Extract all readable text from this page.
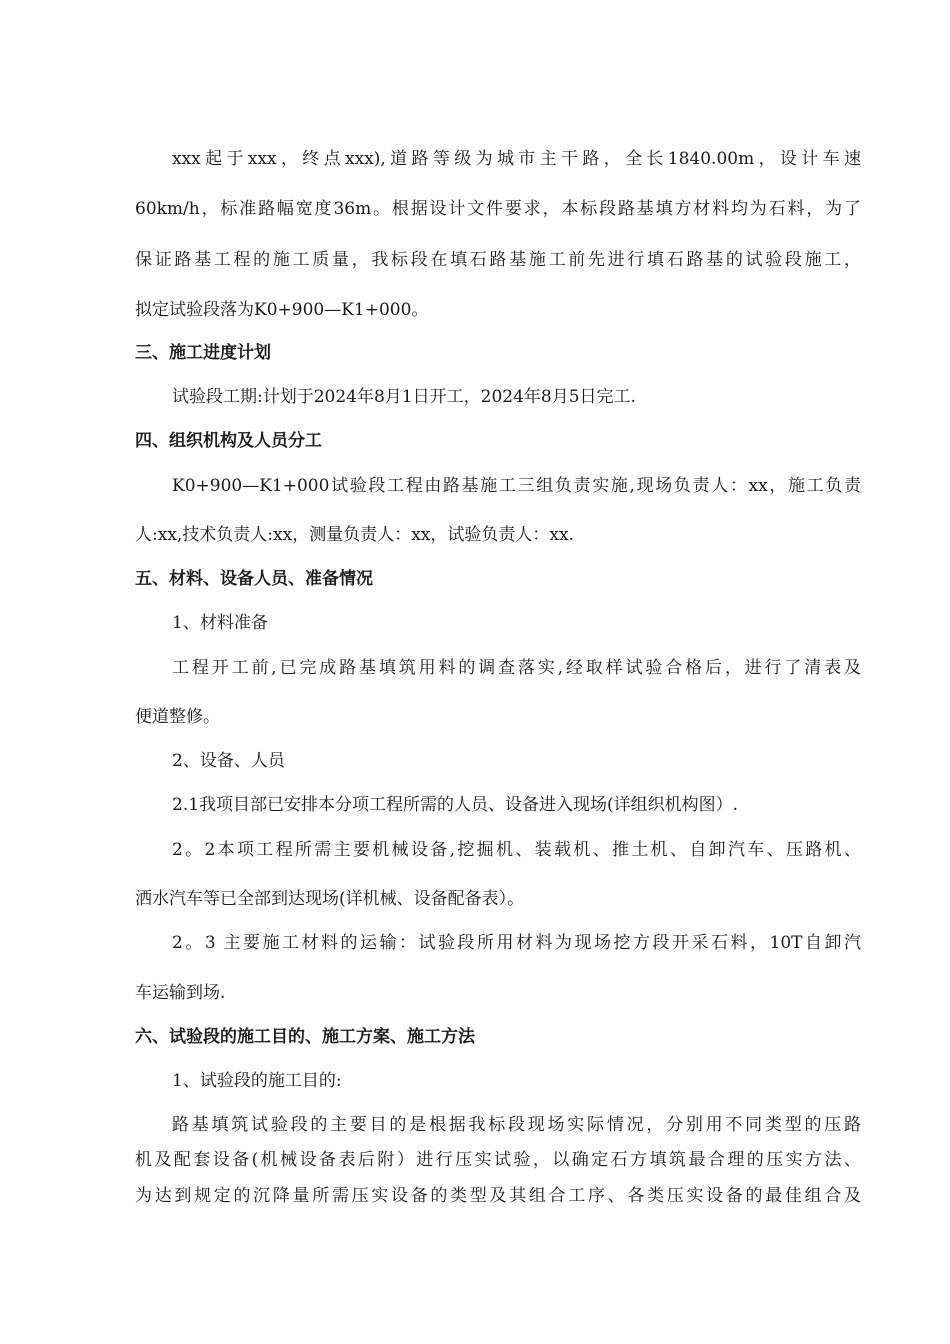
xxx起于xxx，终点xxx),道路等级为城市主干路，全长1840.00m，设计车速
60km/h，标准路幅宽度36m。根据设计文件要求，本标段路基填方材料均为石料，为了
保证路基工程的施工质量，我标段在填石路基施工前先进行填石路基的试验段施工，
拟定试验段落为K0+900—K1+000。
三、施工进度计划
试验段工期:计划于2024年8月1日开工，2024年8月5日完工.
四、组织机构及人员分工
K0+900—K1+000试验段工程由路基施工三组负责实施,现场负责人：xx，施工负责
人:xx,技术负责人:xx，测量负责人：xx，试验负责人：xx.
五、材料、设备人员、准备情况
1、材料准备
工程开工前,已完成路基填筑用料的调查落实,经取样试验合格后，进行了清表及
便道整修。
2、设备、人员
2.1我项目部已安排本分项工程所需的人员、设备进入现场(详组织机构图）.
2。2本项工程所需主要机械设备,挖掘机、装载机、推土机、自卸汽车、压路机、
洒水汽车等已全部到达现场(详机械、设备配备表）。
2。3 主要施工材料的运输：试验段所用材料为现场挖方段开采石料，10T自卸汽
车运输到场.
六、试验段的施工目的、施工方案、施工方法
1、试验段的施工目的:
路基填筑试验段的主要目的是根据我标段现场实际情况，分别用不同类型的压路
机及配套设备(机械设备表后附）进行压实试验，以确定石方填筑最合理的压实方法、
为达到规定的沉降量所需压实设备的类型及其组合工序、各类压实设备的最佳组合及
